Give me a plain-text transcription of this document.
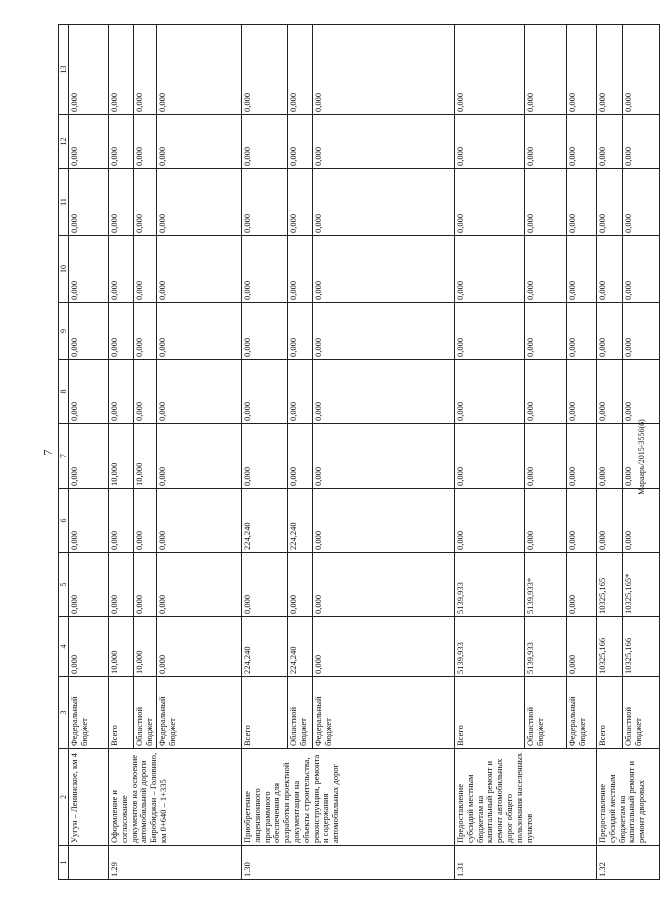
7
1	2	3	4	5	6	7	8	9	10	11	12	13
	Уугун – Ленинское, км 4	Федеральный бюджет	0,000	0,000	0,000	0,000	0,000	0,000	0,000	0,000	0,000	0,000
1.29	Оформление и согласование документов на освоение автомобильной дороги Биробиджан – Головино, км 0+640 – 1+335	Всего	10,000	0,000	0,000	10,000	0,000	0,000	0,000	0,000	0,000	0,000
		Областной бюджет	10,000	0,000	0,000	10,000	0,000	0,000	0,000	0,000	0,000	0,000
		Федеральный бюджет	0,000	0,000	0,000	0,000	0,000	0,000	0,000	0,000	0,000	0,000
1.30	Приобретение лицензионного программного обеспечения для разработки проектной документации на объекты строительства, реконструкции, ремонта и содержания автомобильных дорог	Всего	224,240	0,000	224,240	0,000	0,000	0,000	0,000	0,000	0,000	0,000
		Областной бюджет	224,240	0,000	224,240	0,000	0,000	0,000	0,000	0,000	0,000	0,000
		Федеральный бюджет	0,000	0,000	0,000	0,000	0,000	0,000	0,000	0,000	0,000	0,000
1.31	Предоставление субсидий местным бюджетам на капитальный ремонт и ремонт автомобильных дорог общего пользования населенных пунктов	Всего	5139,933	5139,933	0,000	0,000	0,000	0,000	0,000	0,000	0,000	0,000
		Областной бюджет	5139,933	5139,933*	0,000	0,000	0,000	0,000	0,000	0,000	0,000	0,000
		Федеральный бюджет	0,000	0,000	0,000	0,000	0,000	0,000	0,000	0,000	0,000	0,000
1.32	Предоставление субсидий местным бюджетам на капитальный ремонт и ремонт дворовых	Всего	10325,166	10325,165	0,000	0,000	0,000	0,000	0,000	0,000	0,000	0,000
		Областной бюджет	10325,166	10325,165*	0,000	0,000	0,000	0,000	0,000	0,000	0,000	0,000
Мараарь/2015-3556(6)
